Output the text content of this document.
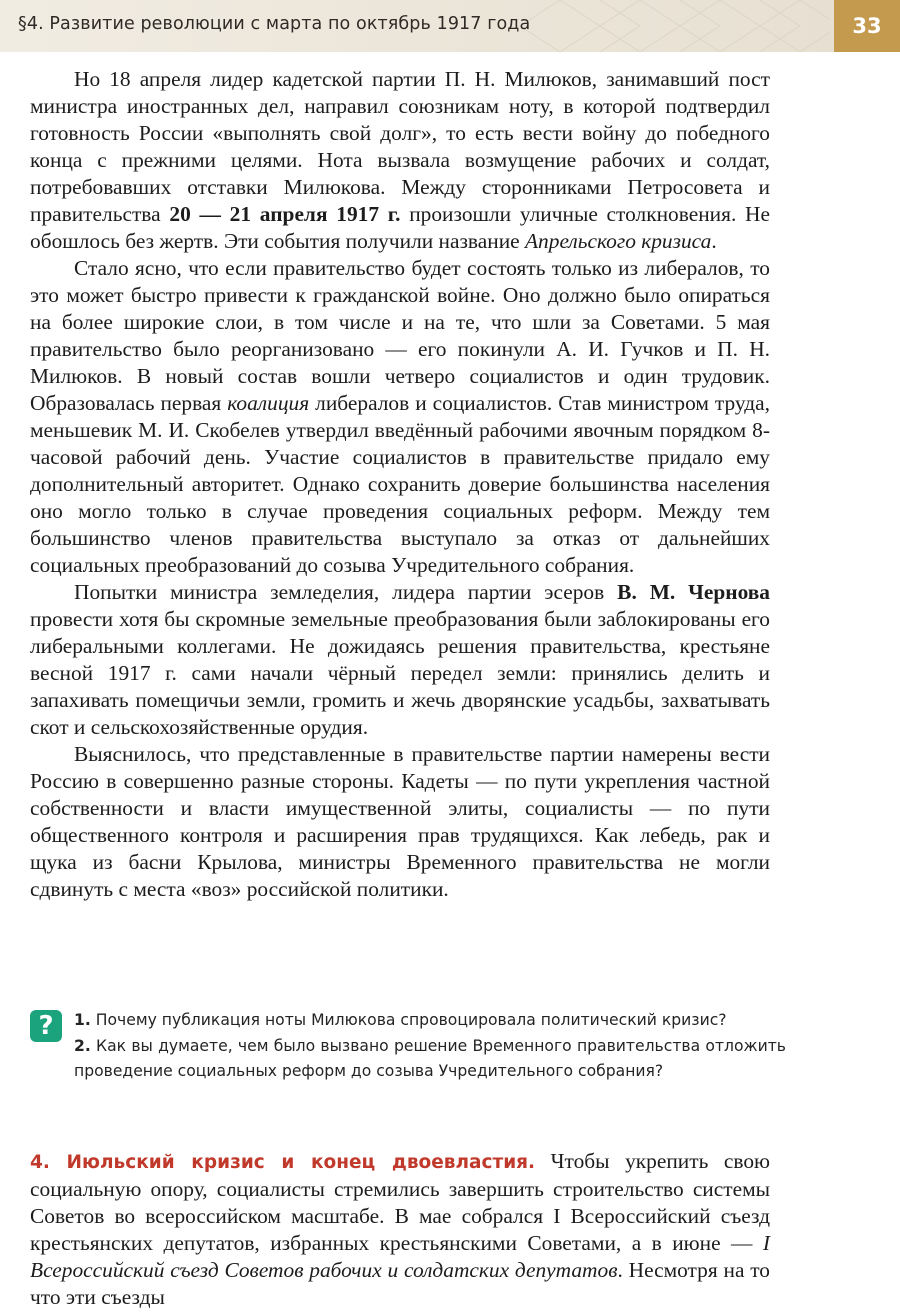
§4. Развитие революции с марта по октябрь 1917 года	33

Но 18 апреля лидер кадетской партии П. Н. Милюков, занимавший пост министра иностранных дел, направил союзникам ноту, в которой подтвердил готовность России «выполнять свой долг», то есть вести войну до победного конца с прежними целями. Нота вызвала возмущение рабочих и солдат, потребовавших отставки Милюкова. Между сторонниками Петросовета и правительства 20 — 21 апреля 1917 г. произошли уличные столкновения. Не обошлось без жертв. Эти события получили название Апрельского кризиса.

Стало ясно, что если правительство будет состоять только из либералов, то это может быстро привести к гражданской войне. Оно должно было опираться на более широкие слои, в том числе и на те, что шли за Советами. 5 мая правительство было реорганизовано — его покинули А. И. Гучков и П. Н. Милюков. В новый состав вошли четверо социалистов и один трудовик. Образовалась первая коалиция либералов и социалистов. Став министром труда, меньшевик М. И. Скобелев утвердил введённый рабочими явочным порядком 8-часовой рабочий день. Участие социалистов в правительстве придало ему дополнительный авторитет. Однако сохранить доверие большинства населения оно могло только в случае проведения социальных реформ. Между тем большинство членов правительства выступало за отказ от дальнейших социальных преобразований до созыва Учредительного собрания.

Попытки министра земледелия, лидера партии эсеров В. М. Чернова провести хотя бы скромные земельные преобразования были заблокированы его либеральными коллегами. Не дожидаясь решения правительства, крестьяне весной 1917 г. сами начали чёрный передел земли: принялись делить и запахивать помещичьи земли, громить и жечь дворянские усадьбы, захватывать скот и сельскохозяйственные орудия.

Выяснилось, что представленные в правительстве партии намерены вести Россию в совершенно разные стороны. Кадеты — по пути укрепления частной собственности и власти имущественной элиты, социалисты — по пути общественного контроля и расширения прав трудящихся. Как лебедь, рак и щука из басни Крылова, министры Временного правительства не могли сдвинуть с места «воз» российской политики.

?	1. Почему публикация ноты Милюкова спровоцировала политический кризис?

2. Как вы думаете, чем было вызвано решение Временного правительства отложить проведение социальных реформ до созыва Учредительного собрания?

4. Июльский кризис и конец двоевластия. Чтобы укрепить свою социальную опору, социалисты стремились завершить строительство системы Советов во всероссийском масштабе. В мае собрался I Всероссийский съезд крестьянских депутатов, избранных крестьянскими Советами, а в июне — I Всероссийский съезд Советов рабочих и солдатских депутатов. Несмотря на то что эти съезды
